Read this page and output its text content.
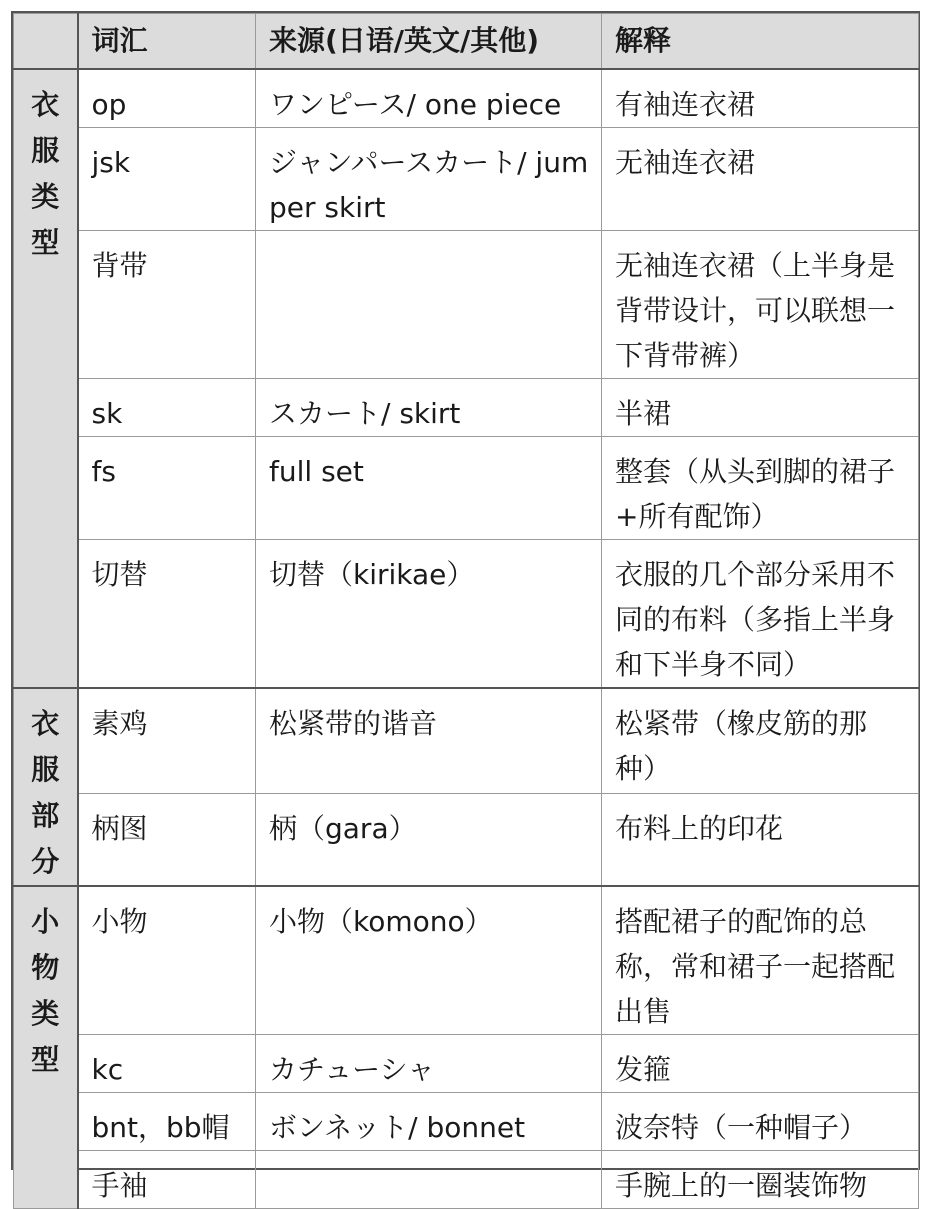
	词汇	来源(日语/英文/其他)	解释

衣
服
类
型	op	ワンピース/ one piece	有袖连衣裙
	jsk	ジャンパースカート/ jumper skirt	无袖连衣裙
	背带		无袖连衣裙（上半身是背带设计，可以联想一下背带裤）
	sk	スカート/ skirt	半裙
	fs	full set	整套（从头到脚的裙子+所有配饰）
	切替	切替（kirikae）	衣服的几个部分采用不同的布料（多指上半身和下半身不同）

衣
服
部
分	素鸡	松紧带的谐音	松紧带（橡皮筋的那种）
	柄图	柄（gara）	布料上的印花

小
物
类
型	小物	小物（komono）	搭配裙子的配饰的总称，常和裙子一起搭配出售
	kc	カチューシャ	发箍
	bnt，bb帽	ボンネット/ bonnet	波奈特（一种帽子）
	手袖		手腕上的一圈装饰物
